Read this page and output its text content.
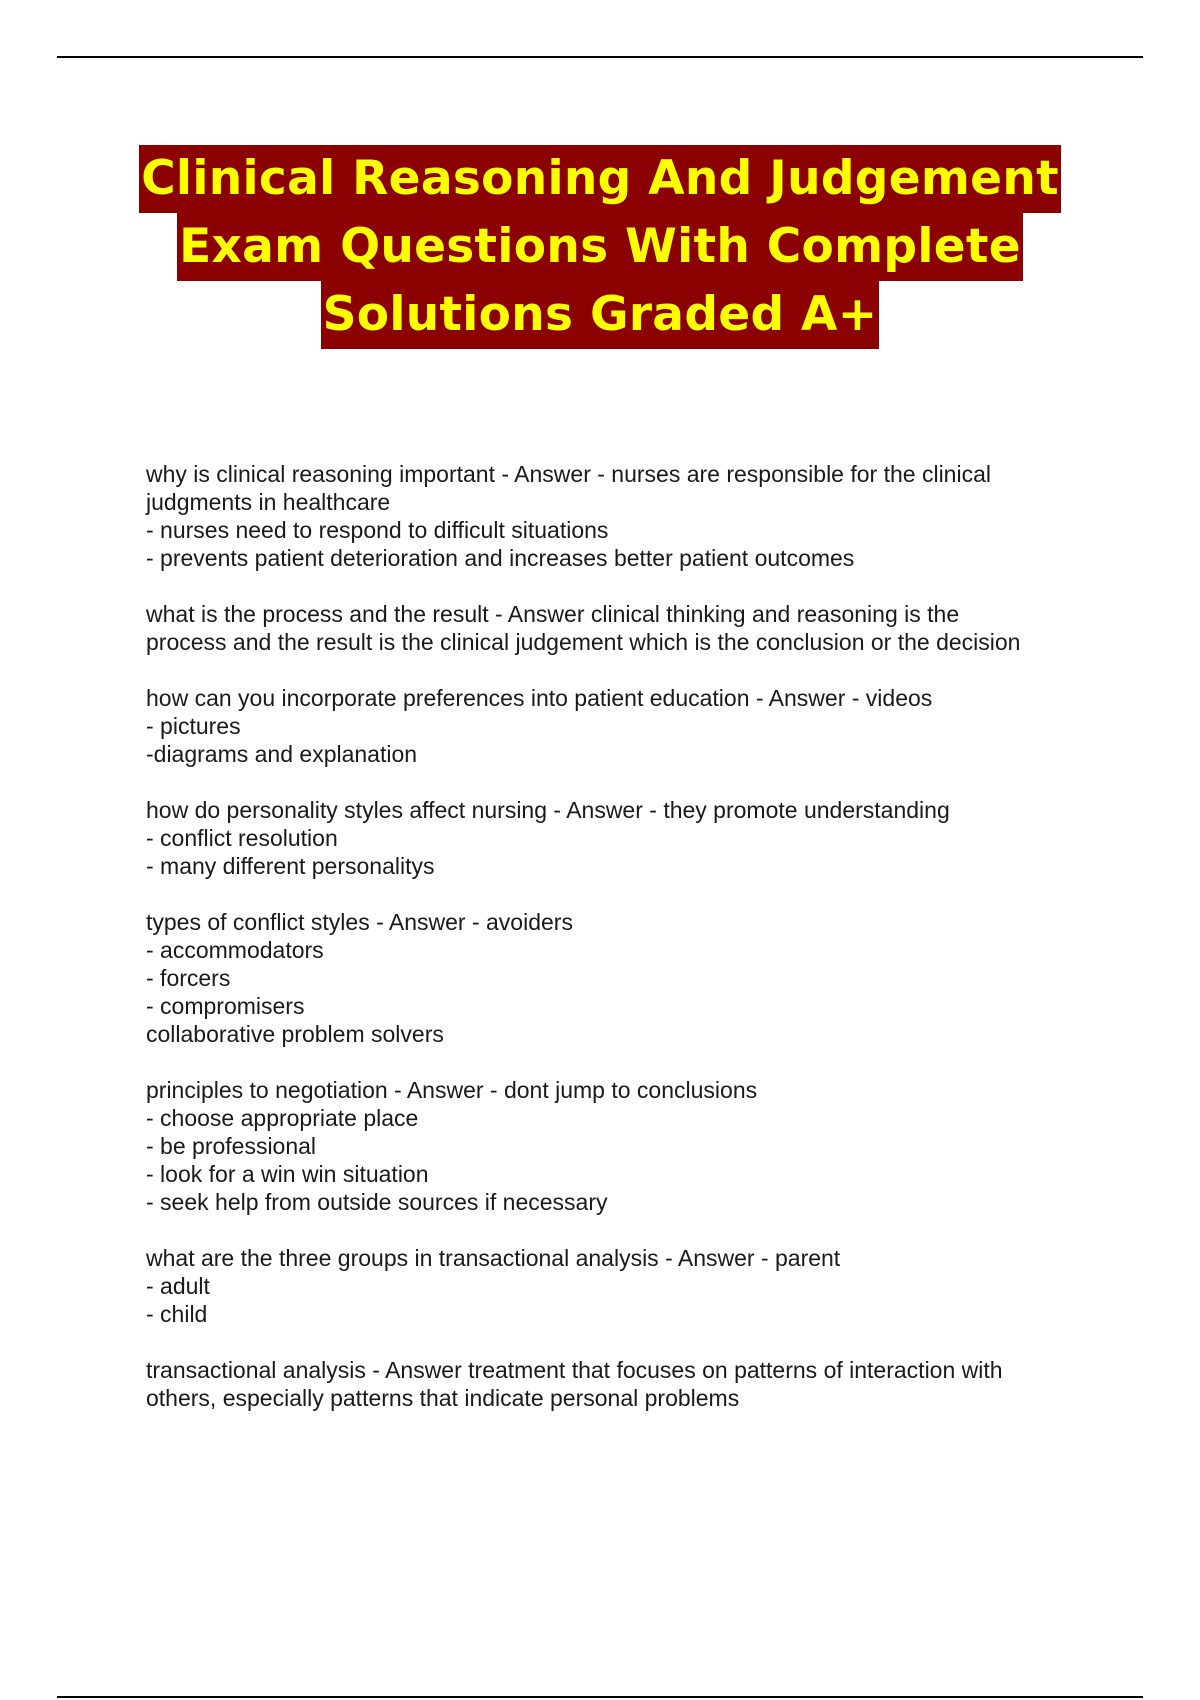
Clinical Reasoning And Judgement
Exam Questions With Complete
Solutions Graded A+

why is clinical reasoning important - Answer - nurses are responsible for the clinical

judgments in healthcare

- nurses need to respond to difficult situations

- prevents patient deterioration and increases better patient outcomes

what is the process and the result - Answer clinical thinking and reasoning is the

process and the result is the clinical judgement which is the conclusion or the decision

how can you incorporate preferences into patient education - Answer - videos

- pictures

-diagrams and explanation

how do personality styles affect nursing - Answer - they promote understanding

- conflict resolution

- many different personalitys

types of conflict styles - Answer - avoiders

- accommodators

- forcers

- compromisers

collaborative problem solvers

principles to negotiation - Answer - dont jump to conclusions

- choose appropriate place

- be professional

- look for a win win situation

- seek help from outside sources if necessary

what are the three groups in transactional analysis - Answer - parent

- adult

- child

transactional analysis - Answer treatment that focuses on patterns of interaction with

others, especially patterns that indicate personal problems
